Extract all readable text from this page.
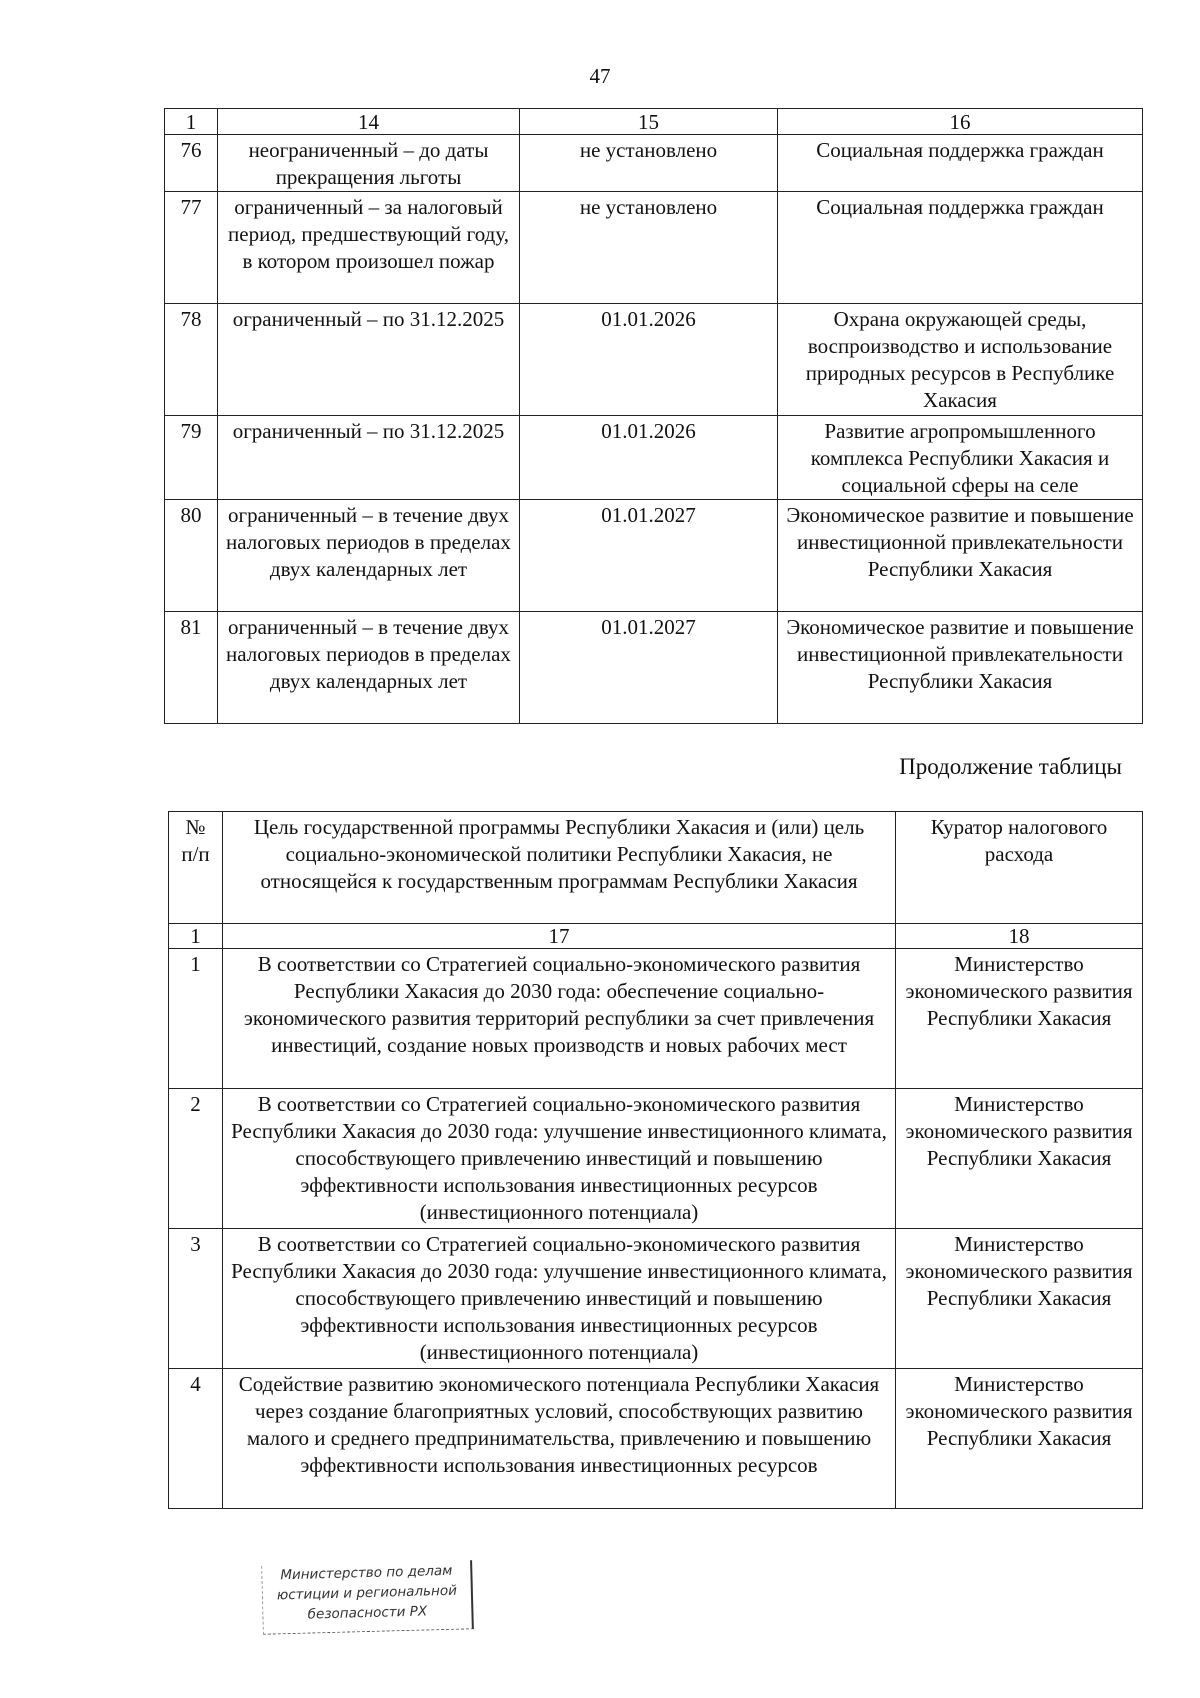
47
1	14	15	16
76	неограниченный – до даты прекращения льготы	не установлено	Социальная поддержка граждан
77	ограниченный – за налоговый период, предшествующий году, в котором произошел пожар	не установлено	Социальная поддержка граждан
78	ограниченный – по 31.12.2025	01.01.2026	Охрана окружающей среды, воспроизводство и использование природных ресурсов в Республике Хакасия
79	ограниченный – по 31.12.2025	01.01.2026	Развитие агропромышленного комплекса Республики Хакасия и социальной сферы на селе
80	ограниченный – в течение двух налоговых периодов в пределах двух календарных лет	01.01.2027	Экономическое развитие и повышение инвестиционной привлекательности Республики Хакасия
81	ограниченный – в течение двух налоговых периодов в пределах двух календарных лет	01.01.2027	Экономическое развитие и повышение инвестиционной привлекательности Республики Хакасия
Продолжение таблицы
№ п/п	Цель государственной программы Республики Хакасия и (или) цель социально-экономической политики Республики Хакасия, не относящейся к государственным программам Республики Хакасия	Куратор налогового расхода
1	17	18
1	В соответствии со Стратегией социально-экономического развития Республики Хакасия до 2030 года: обеспечение социально-экономического развития территорий республики за счет привлечения инвестиций, создание новых производств и новых рабочих мест	Министерство экономического развития Республики Хакасия
2	В соответствии со Стратегией социально-экономического развития Республики Хакасия до 2030 года: улучшение инвестиционного климата, способствующего привлечению инвестиций и повышению эффективности использования инвестиционных ресурсов (инвестиционного потенциала)	Министерство экономического развития Республики Хакасия
3	В соответствии со Стратегией социально-экономического развития Республики Хакасия до 2030 года: улучшение инвестиционного климата, способствующего привлечению инвестиций и повышению эффективности использования инвестиционных ресурсов (инвестиционного потенциала)	Министерство экономического развития Республики Хакасия
4	Содействие развитию экономического потенциала Республики Хакасия через создание благоприятных условий, способствующих развитию малого и среднего предпринимательства, привлечению и повышению эффективности использования инвестиционных ресурсов	Министерство экономического развития Республики Хакасия
Министерство по делам
юстиции и региональной
безопасности РХ
